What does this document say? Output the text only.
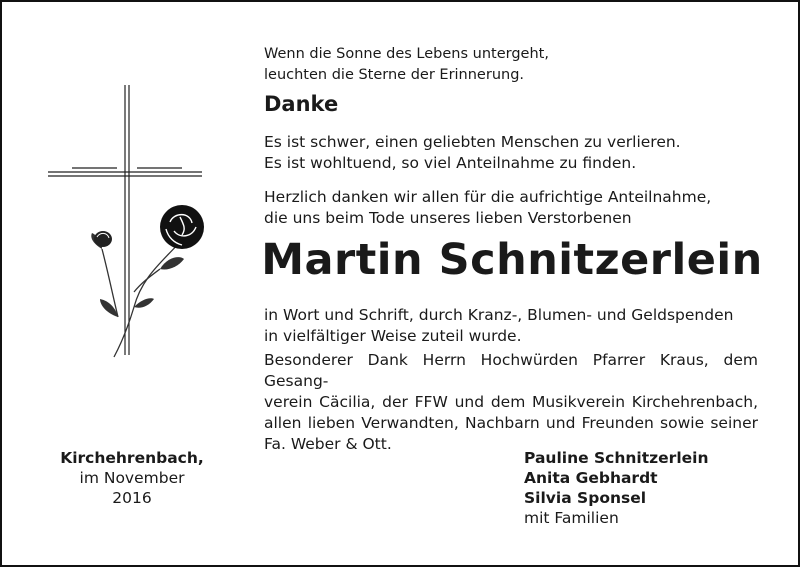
Wenn die Sonne des Lebens untergeht,
leuchten die Sterne der Erinnerung.
Danke
Es ist schwer, einen geliebten Menschen zu verlieren.
Es ist wohltuend, so viel Anteilnahme zu finden.
Herzlich danken wir allen für die aufrichtige Anteilnahme,
die uns beim Tode unseres lieben Verstorbenen
Martin Schnitzerlein
in Wort und Schrift, durch Kranz-, Blumen- und Geldspenden
in vielfältiger Weise zuteil wurde.
Besonderer Dank Herrn Hochwürden Pfarrer Kraus, dem Gesang-
verein Cäcilia, der FFW und dem Musikverein Kirchehrenbach,
allen lieben Verwandten, Nachbarn und Freunden sowie seiner
Fa. Weber & Ott.
Kirchehrenbach,
im November
2016
Pauline Schnitzerlein
Anita Gebhardt
Silvia Sponsel
mit Familien
